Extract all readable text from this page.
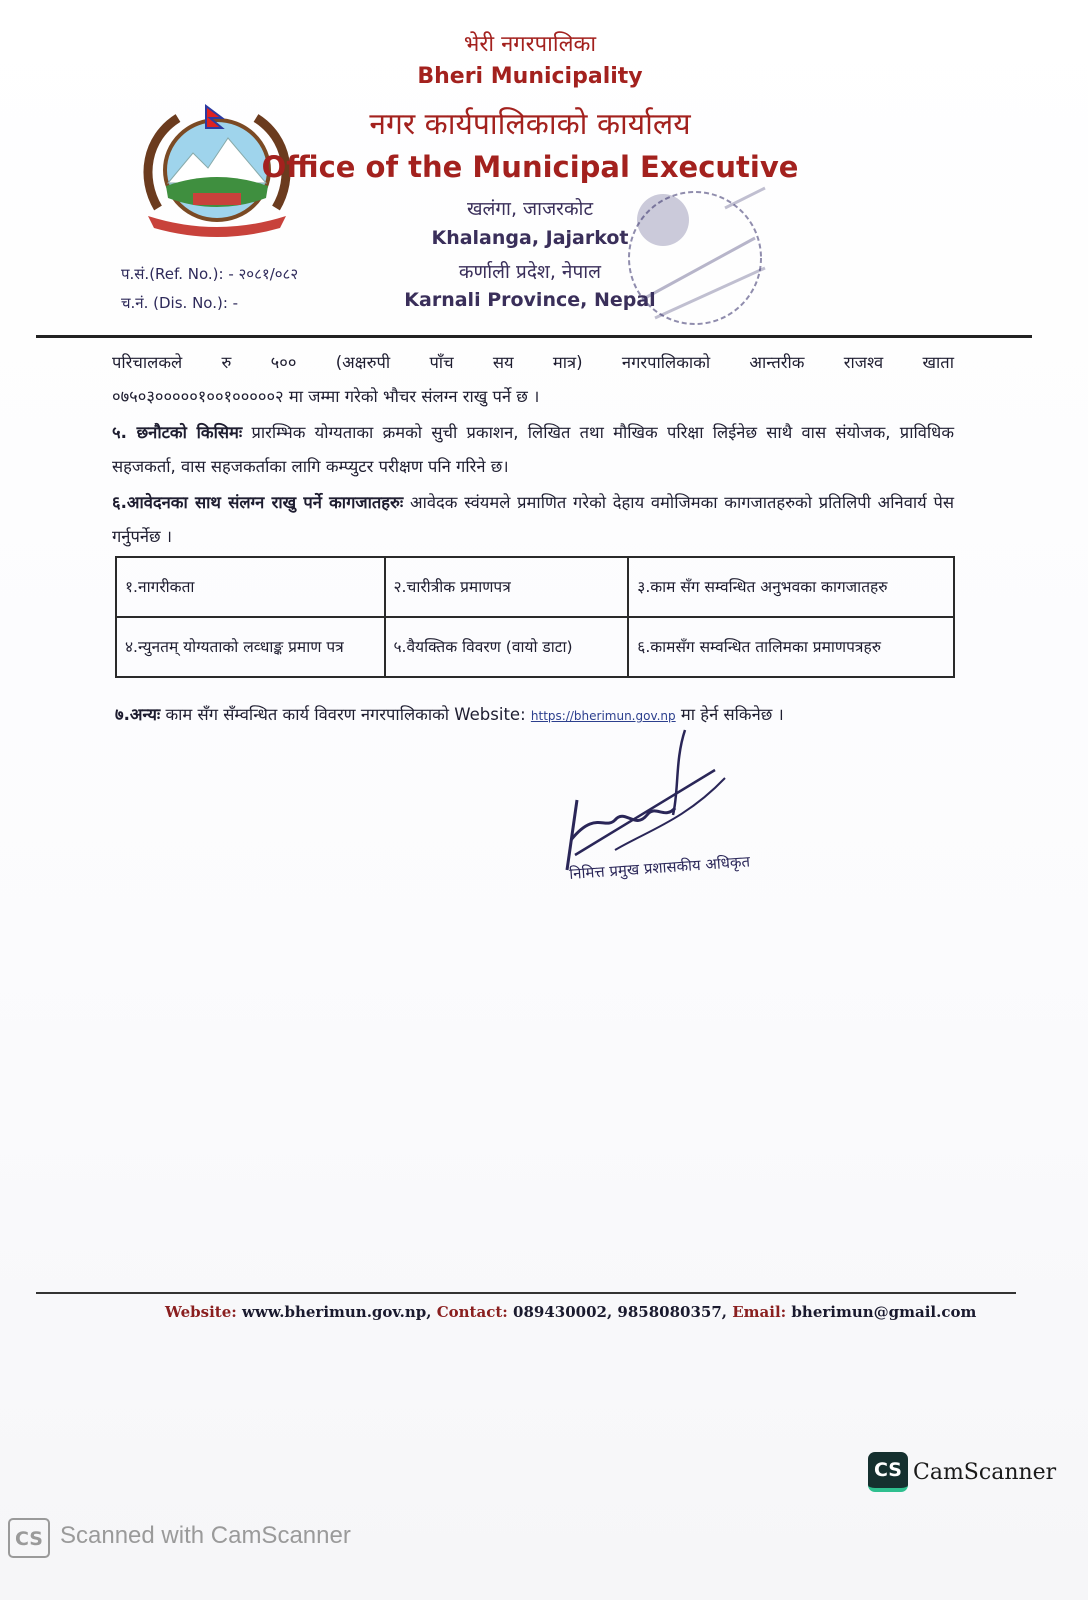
भेरी नगरपालिका
Bheri Municipality
नगर कार्यपालिकाको कार्यालय
Office of the Municipal Executive
खलंगा, जाजरकोट
Khalanga, Jajarkot
कर्णाली प्रदेश, नेपाल
Karnali Province, Nepal
प.सं.(Ref. No.): - २०८१/०८२
च.नं. (Dis. No.): -
परिचालकले रु ५०० (अक्षरुपी पाँच सय मात्र) नगरपालिकाको आन्तरीक राजश्व खाता
०७५०३०००००१००१०००००२ मा जम्मा गरेको भौचर संलग्न राखु पर्ने छ ।
५. छनौटको किसिमः प्रारम्भिक योग्यताका क्रमको सुची प्रकाशन, लिखित तथा मौखिक परिक्षा लिईनेछ साथै वास संयोजक, प्राविधिक सहजकर्ता, वास सहजकर्ताका लागि कम्प्युटर परीक्षण पनि गरिने छ।
६.आवेदनका साथ संलग्न राखु पर्ने कागजातहरुः आवेदक स्वंयमले प्रमाणित गरेको देहाय वमोजिमका कागजातहरुको प्रतिलिपी अनिवार्य पेस गर्नुपर्नेछ ।
१.नागरीकता	२.चारीत्रीक प्रमाणपत्र	३.काम सँग सम्वन्धित अनुभवका कागजातहरु
४.न्युनतम् योग्यताको लव्धाङ्क प्रमाण पत्र	५.वैयक्तिक विवरण (वायो डाटा)	६.कामसँग सम्वन्धित तालिमका प्रमाणपत्रहरु
७.अन्यः काम सँग सँम्वन्धित कार्य विवरण नगरपालिकाको Website: https://bherimun.gov.np मा हेर्न सकिनेछ ।
निमित्त प्रमुख प्रशासकीय अधिकृत
Website: www.bherimun.gov.np, Contact: 089430002, 9858080357, Email: bherimun@gmail.com
CS CamScanner
CS Scanned with CamScanner
